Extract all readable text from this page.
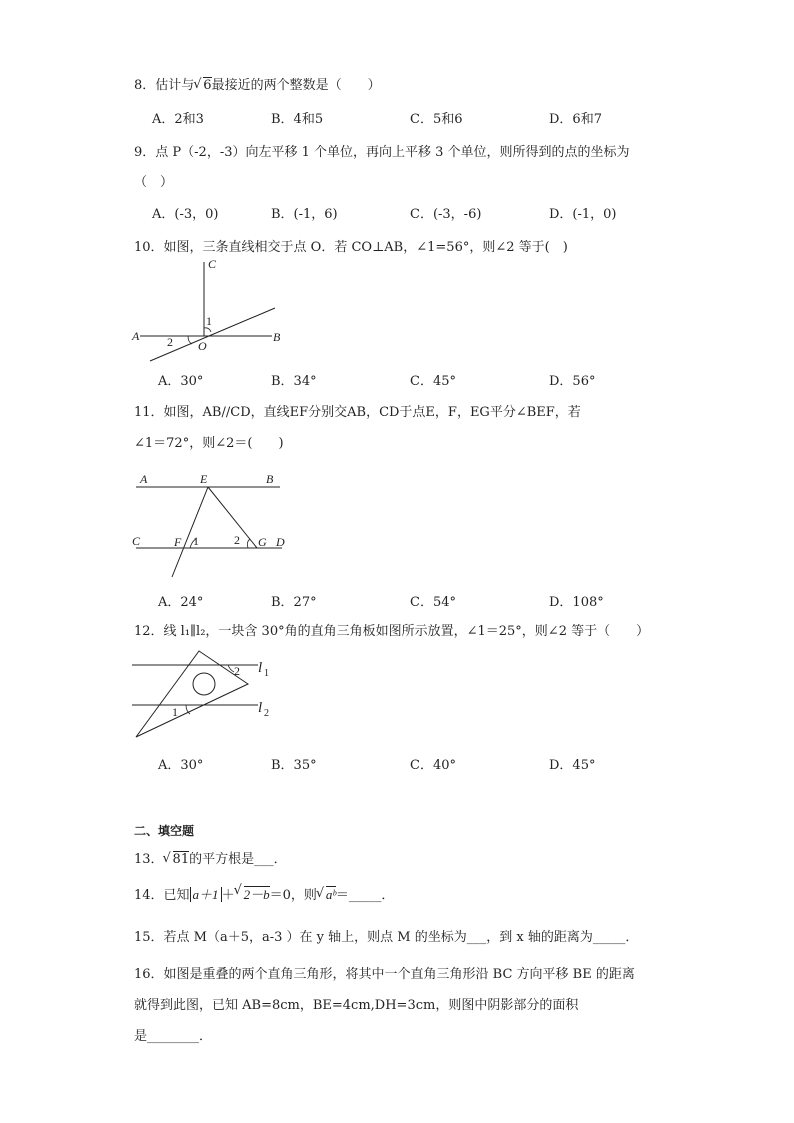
8．估计与 √ 6最接近的两个整数是（　　）
A．2和3	B．4和5	C．5和6	D．6和7
9．点 P（-2，-3）向左平移 1 个单位，再向上平移 3 个单位，则所得到的点的坐标为
（　）
A．(-3，0)	B．(-1，6)	C．(-3，-6)	D．(-1，0)
10．如图，三条直线相交于点 O．若 CO⊥AB，∠1=56°，则∠2 等于(　)
C
A	B
O
1
2
A．30°	B．34°	C．45°	D．56°
11．如图，AB//CD，直线EF分别交AB，CD于点E，F，EG平分∠BEF，若
∠1＝72°，则∠2＝(　　)
A	E	B
C	F 1	2 G D
A．24°	B．27°	C．54°	D．108°
12．线 l₁∥l₂，一块含 30°角的直角三角板如图所示放置，∠1＝25°，则∠2 等于（　　）
2
1
l 1
l 2
A．30°	B．35°	C．40°	D．45°
二、填空题
13． √ 81的平方根是___．
14．已知 a＋1 ＋ √ 2－b＝0，则 √ aᵇ＝_____．
15．若点 M（a＋5，a-3 ）在 y 轴上，则点 M 的坐标为___，到 x 轴的距离为_____．
16．如图是重叠的两个直角三角形，将其中一个直角三角形沿 BC 方向平移 BE 的距离
就得到此图，已知 AB=8cm，BE=4cm,DH=3cm，则图中阴影部分的面积
是________．
